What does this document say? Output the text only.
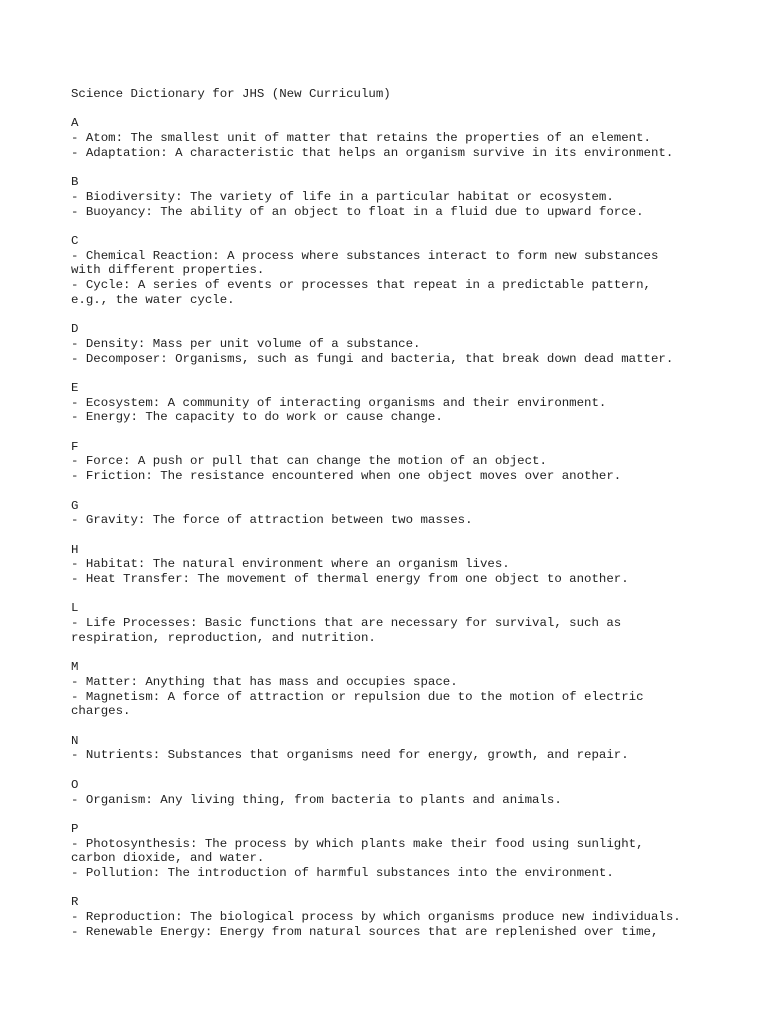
Science Dictionary for JHS (New Curriculum)
A
- Atom: The smallest unit of matter that retains the properties of an element.
- Adaptation: A characteristic that helps an organism survive in its environment.
B
- Biodiversity: The variety of life in a particular habitat or ecosystem.
- Buoyancy: The ability of an object to float in a fluid due to upward force.
C
- Chemical Reaction: A process where substances interact to form new substances
with different properties.
- Cycle: A series of events or processes that repeat in a predictable pattern,
e.g., the water cycle.
D
- Density: Mass per unit volume of a substance.
- Decomposer: Organisms, such as fungi and bacteria, that break down dead matter.
E
- Ecosystem: A community of interacting organisms and their environment.
- Energy: The capacity to do work or cause change.
F
- Force: A push or pull that can change the motion of an object.
- Friction: The resistance encountered when one object moves over another.
G
- Gravity: The force of attraction between two masses.
H
- Habitat: The natural environment where an organism lives.
- Heat Transfer: The movement of thermal energy from one object to another.
L
- Life Processes: Basic functions that are necessary for survival, such as
respiration, reproduction, and nutrition.
M
- Matter: Anything that has mass and occupies space.
- Magnetism: A force of attraction or repulsion due to the motion of electric
charges.
N
- Nutrients: Substances that organisms need for energy, growth, and repair.
O
- Organism: Any living thing, from bacteria to plants and animals.
P
- Photosynthesis: The process by which plants make their food using sunlight,
carbon dioxide, and water.
- Pollution: The introduction of harmful substances into the environment.
R
- Reproduction: The biological process by which organisms produce new individuals.
- Renewable Energy: Energy from natural sources that are replenished over time,
